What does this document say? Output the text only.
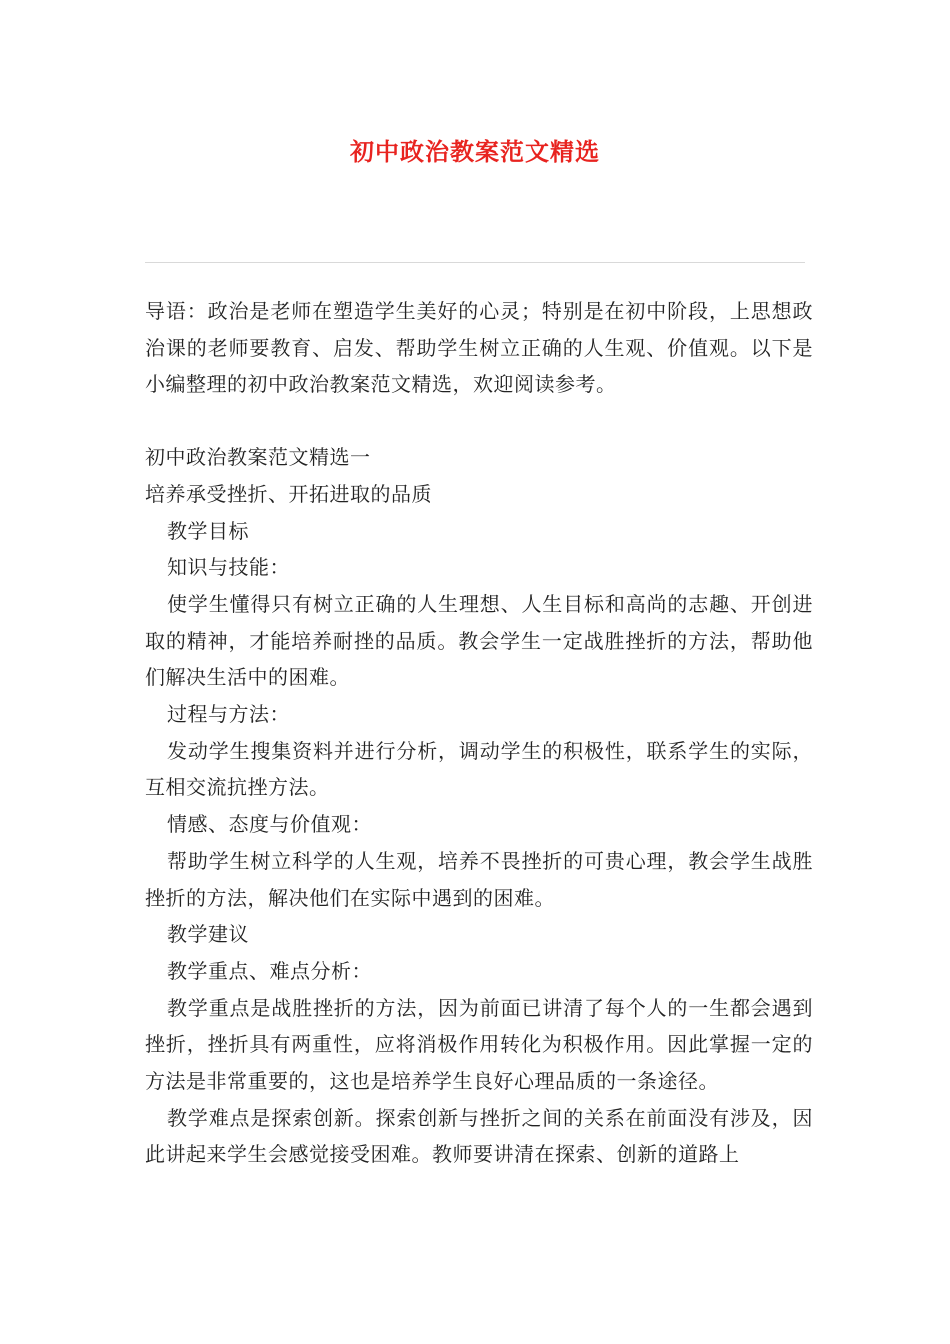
初中政治教案范文精选

导语：政治是老师在塑造学生美好的心灵；特别是在初中阶段，上思想政治课的老师要教育、启发、帮助学生树立正确的人生观、价值观。以下是小编整理的初中政治教案范文精选，欢迎阅读参考。

初中政治教案范文精选一

培养承受挫折、开拓进取的品质

教学目标

知识与技能：

使学生懂得只有树立正确的人生理想、人生目标和高尚的志趣、开创进取的精神，才能培养耐挫的品质。教会学生一定战胜挫折的方法，帮助他们解决生活中的困难。

过程与方法：

发动学生搜集资料并进行分析，调动学生的积极性，联系学生的实际，互相交流抗挫方法。

情感、态度与价值观：

帮助学生树立科学的人生观，培养不畏挫折的可贵心理，教会学生战胜挫折的方法，解决他们在实际中遇到的困难。

教学建议

教学重点、难点分析：

教学重点是战胜挫折的方法，因为前面已讲清了每个人的一生都会遇到挫折，挫折具有两重性，应将消极作用转化为积极作用。因此掌握一定的方法是非常重要的，这也是培养学生良好心理品质的一条途径。

教学难点是探索创新。探索创新与挫折之间的关系在前面没有涉及，因此讲起来学生会感觉接受困难。教师要讲清在探索、创新的道路上
